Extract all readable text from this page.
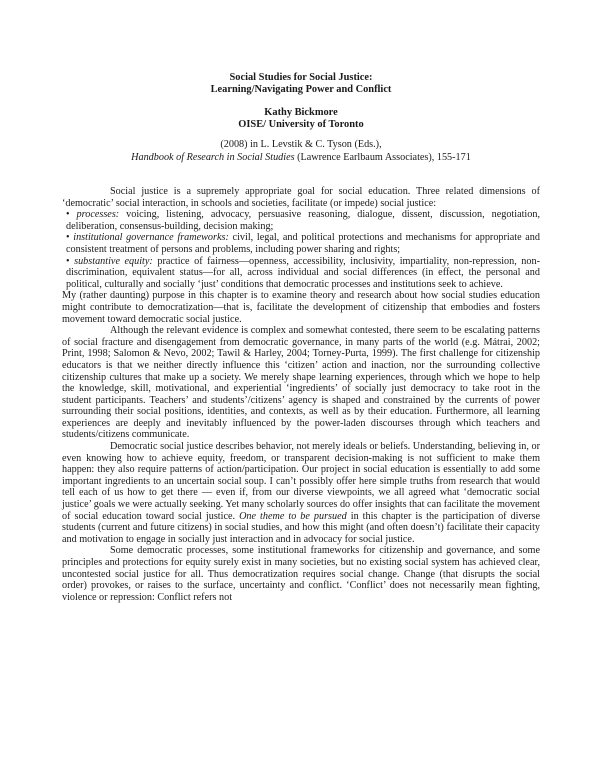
Social Studies for Social Justice:
Learning/Navigating Power and Conflict
Kathy Bickmore
OISE/ University of Toronto
(2008) in L. Levstik & C. Tyson (Eds.),
Handbook of Research in Social Studies (Lawrence Earlbaum Associates), 155-171

Social justice is a supremely appropriate goal for social education. Three related dimensions of ‘democratic’ social interaction, in schools and societies, facilitate (or impede) social justice:

• processes: voicing, listening, advocacy, persuasive reasoning, dialogue, dissent, discussion, negotiation, deliberation, consensus-building, decision making;
• institutional governance frameworks: civil, legal, and political protections and mechanisms for appropriate and consistent treatment of persons and problems, including power sharing and rights;
• substantive equity: practice of fairness—openness, accessibility, inclusivity, impartiality, non-repression, non-discrimination, equivalent status—for all, across individual and social differences (in effect, the personal and political, culturally and socially ‘just’ conditions that democratic processes and institutions seek to achieve.

My (rather daunting) purpose in this chapter is to examine theory and research about how social studies education might contribute to democratization—that is, facilitate the development of citizenship that embodies and fosters movement toward democratic social justice.

Although the relevant evidence is complex and somewhat contested, there seem to be escalating patterns of social fracture and disengagement from democratic governance, in many parts of the world (e.g. Mátrai, 2002; Print, 1998; Salomon & Nevo, 2002; Tawil & Harley, 2004; Torney-Purta, 1999). The first challenge for citizenship educators is that we neither directly influence this ‘citizen’ action and inaction, nor the surrounding collective citizenship cultures that make up a society. We merely shape learning experiences, through which we hope to help the knowledge, skill, motivational, and experiential ‘ingredients’ of socially just democracy to take root in the student participants. Teachers’ and students’/citizens’ agency is shaped and constrained by the currents of power surrounding their social positions, identities, and contexts, as well as by their education. Furthermore, all learning experiences are deeply and inevitably influenced by the power-laden discourses through which teachers and students/citizens communicate.

Democratic social justice describes behavior, not merely ideals or beliefs. Understanding, believing in, or even knowing how to achieve equity, freedom, or transparent decision-making is not sufficient to make them happen: they also require patterns of action/participation. Our project in social education is essentially to add some important ingredients to an uncertain social soup. I can’t possibly offer here simple truths from research that would tell each of us how to get there — even if, from our diverse viewpoints, we all agreed what ‘democratic social justice’ goals we were actually seeking. Yet many scholarly sources do offer insights that can facilitate the movement of social education toward social justice. One theme to be pursued in this chapter is the participation of diverse students (current and future citizens) in social studies, and how this might (and often doesn’t) facilitate their capacity and motivation to engage in socially just interaction and in advocacy for social justice.

Some democratic processes, some institutional frameworks for citizenship and governance, and some principles and protections for equity surely exist in many societies, but no existing social system has achieved clear, uncontested social justice for all. Thus democratization requires social change. Change (that disrupts the social order) provokes, or raises to the surface, uncertainty and conflict. ‘Conflict’ does not necessarily mean fighting, violence or repression: Conflict refers not
